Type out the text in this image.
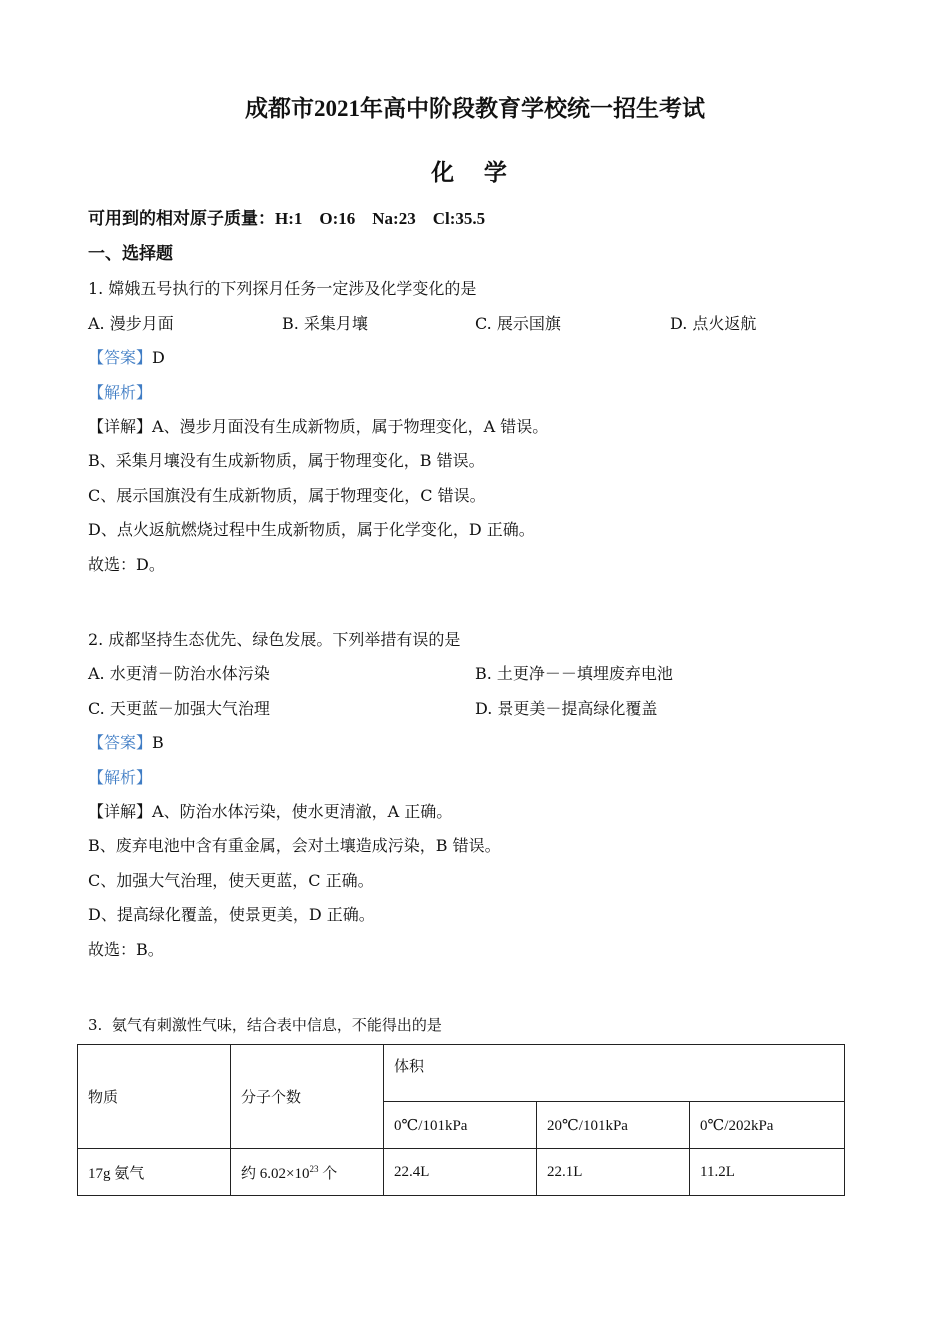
成都市2021年高中阶段教育学校统一招生考试
化 学
可用到的相对原子质量：H:1    O:16    Na:23    Cl:35.5
一、选择题
1. 嫦娥五号执行的下列探月任务一定涉及化学变化的是
A. 漫步月面	B. 采集月壤	C. 展示国旗	D. 点火返航
【答案】D
【解析】
【详解】A、漫步月面没有生成新物质，属于物理变化，A 错误。
B、采集月壤没有生成新物质，属于物理变化，B 错误。
C、展示国旗没有生成新物质，属于物理变化，C 错误。
D、点火返航燃烧过程中生成新物质，属于化学变化，D 正确。
故选：D。
2. 成都坚持生态优先、绿色发展。下列举措有误的是
A. 水更清－防治水体污染	B. 土更净－－填埋废弃电池
C. 天更蓝－加强大气治理	D. 景更美－提高绿化覆盖
【答案】B
【解析】
【详解】A、防治水体污染，使水更清澈，A 正确。
B、废弃电池中含有重金属，会对土壤造成污染，B 错误。
C、加强大气治理，使天更蓝，C 正确。
D、提高绿化覆盖，使景更美，D 正确。
故选：B。
3.  氨气有刺激性气味，结合表中信息，不能得出的是
物质	分子个数	体积		
		0℃/101kPa	20℃/101kPa	0℃/202kPa
17g 氨气	约 $6.02\times 10^{23}$ 个	22.4L	22.1L	11.2L
